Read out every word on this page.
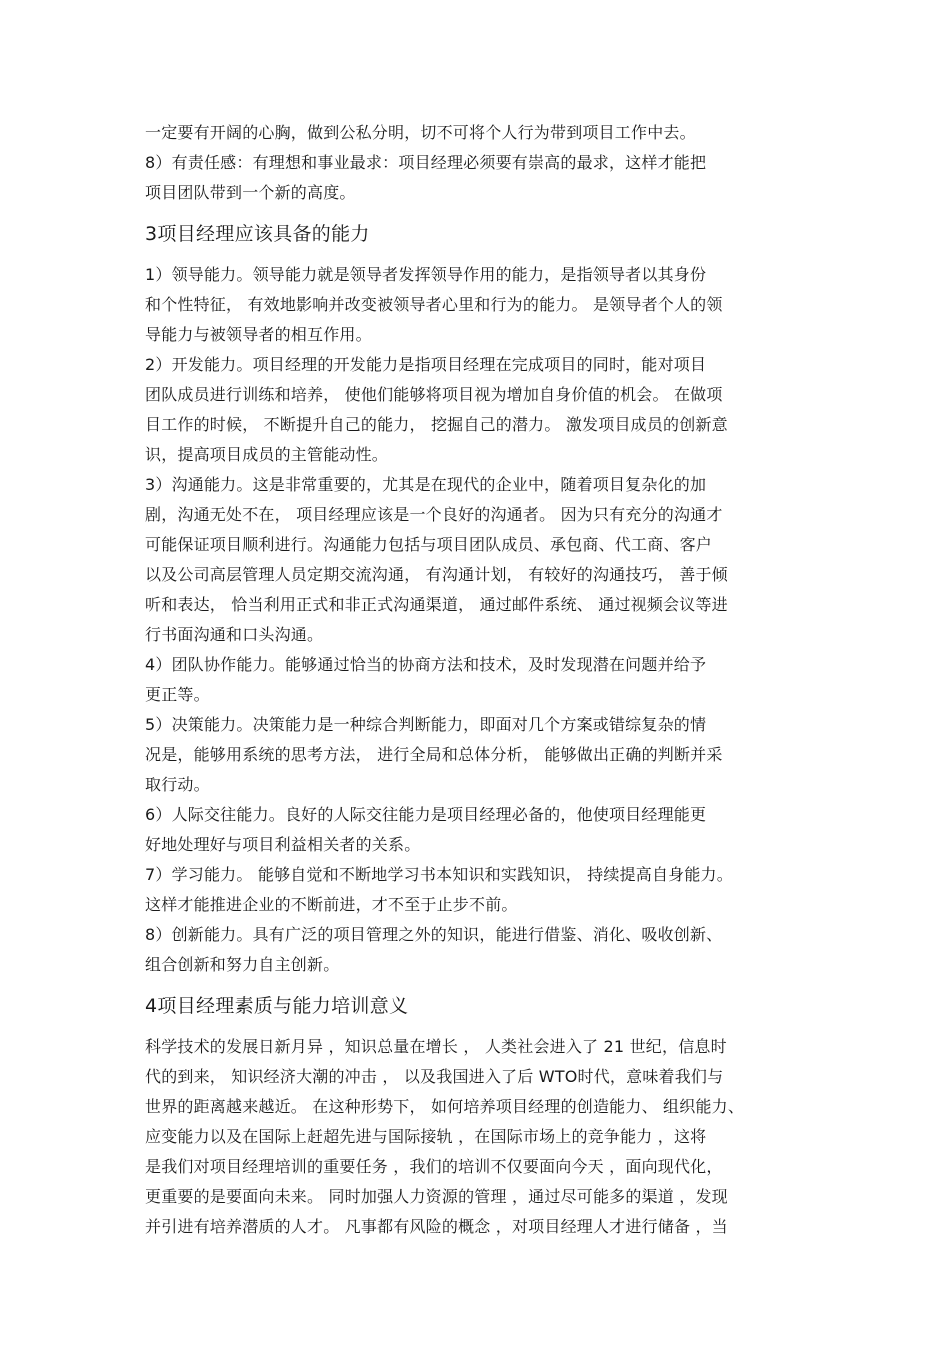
一定要有开阔的心胸，做到公私分明，切不可将个人行为带到项目工作中去。
8）有责任感：有理想和事业最求：项目经理必须要有崇高的最求，这样才能把
项目团队带到一个新的高度。
3项目经理应该具备的能力
1）领导能力。领导能力就是领导者发挥领导作用的能力，是指领导者以其身份
和个性特征， 有效地影响并改变被领导者心里和行为的能力。 是领导者个人的领
导能力与被领导者的相互作用。
2）开发能力。项目经理的开发能力是指项目经理在完成项目的同时，能对项目
团队成员进行训练和培养， 使他们能够将项目视为增加自身价值的机会。 在做项
目工作的时候， 不断提升自己的能力， 挖掘自己的潜力。 激发项目成员的创新意
识，提高项目成员的主管能动性。
3）沟通能力。这是非常重要的，尤其是在现代的企业中，随着项目复杂化的加
剧，沟通无处不在， 项目经理应该是一个良好的沟通者。 因为只有充分的沟通才
可能保证项目顺利进行。沟通能力包括与项目团队成员、承包商、代工商、客户
以及公司高层管理人员定期交流沟通， 有沟通计划， 有较好的沟通技巧， 善于倾
听和表达， 恰当利用正式和非正式沟通渠道， 通过邮件系统、 通过视频会议等进
行书面沟通和口头沟通。
4）团队协作能力。能够通过恰当的协商方法和技术，及时发现潜在问题并给予
更正等。
5）决策能力。决策能力是一种综合判断能力，即面对几个方案或错综复杂的情
况是，能够用系统的思考方法， 进行全局和总体分析， 能够做出正确的判断并采
取行动。
6）人际交往能力。良好的人际交往能力是项目经理必备的，他使项目经理能更
好地处理好与项目利益相关者的关系。
7）学习能力。 能够自觉和不断地学习书本知识和实践知识， 持续提高自身能力。
这样才能推进企业的不断前进，才不至于止步不前。
8）创新能力。具有广泛的项目管理之外的知识，能进行借鉴、消化、吸收创新、
组合创新和努力自主创新。
4项目经理素质与能力培训意义
科学技术的发展日新月异 ，知识总量在增长 ， 人类社会进入了 21 世纪，信息时
代的到来， 知识经济大潮的冲击 ， 以及我国进入了后 WTO时代，意味着我们与
世界的距离越来越近。 在这种形势下， 如何培养项目经理的创造能力、 组织能力、
应变能力以及在国际上赶超先进与国际接轨 ，在国际市场上的竞争能力 ，这将
是我们对项目经理培训的重要任务 ，我们的培训不仅要面向今天 ，面向现代化，
更重要的是要面向未来。 同时加强人力资源的管理 ，通过尽可能多的渠道 ，发现
并引进有培养潜质的人才。 凡事都有风险的概念 ，对项目经理人才进行储备 ，当
